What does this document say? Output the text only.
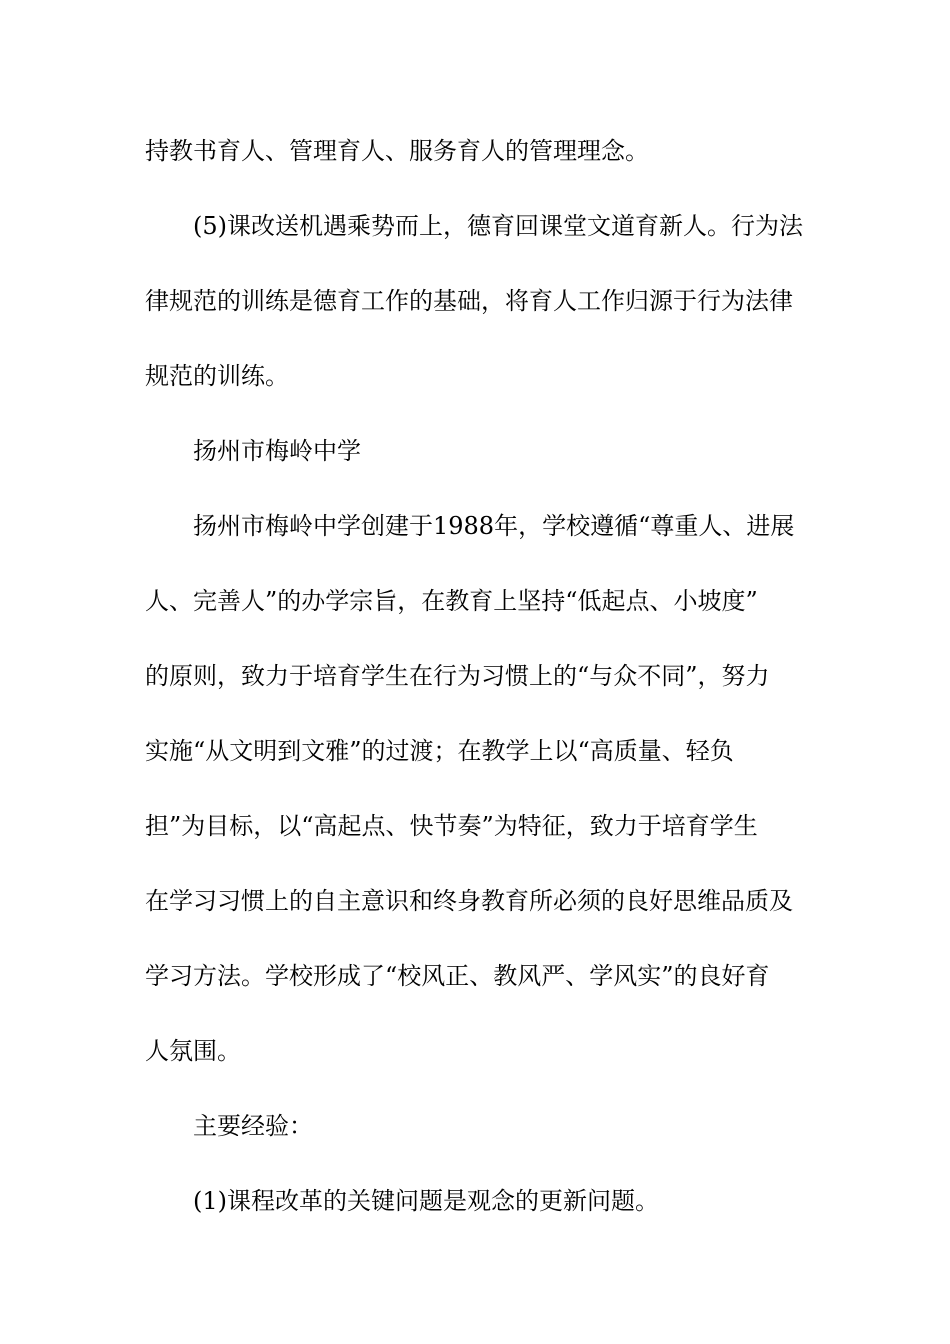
持教书育人、管理育人、服务育人的管理理念。
(5)课改送机遇乘势而上，德育回课堂文道育新人。行为法
律规范的训练是德育工作的基础，将育人工作归源于行为法律
规范的训练。
扬州市梅岭中学
扬州市梅岭中学创建于1988年，学校遵循“尊重人、进展
人、完善人”的办学宗旨，在教育上坚持“低起点、小坡度”
的原则，致力于培育学生在行为习惯上的“与众不同”，努力
实施“从文明到文雅”的过渡；在教学上以“高质量、轻负
担”为目标，以“高起点、快节奏”为特征，致力于培育学生
在学习习惯上的自主意识和终身教育所必须的良好思维品质及
学习方法。学校形成了“校风正、教风严、学风实”的良好育
人氛围。
主要经验：
(1)课程改革的关键问题是观念的更新问题。
